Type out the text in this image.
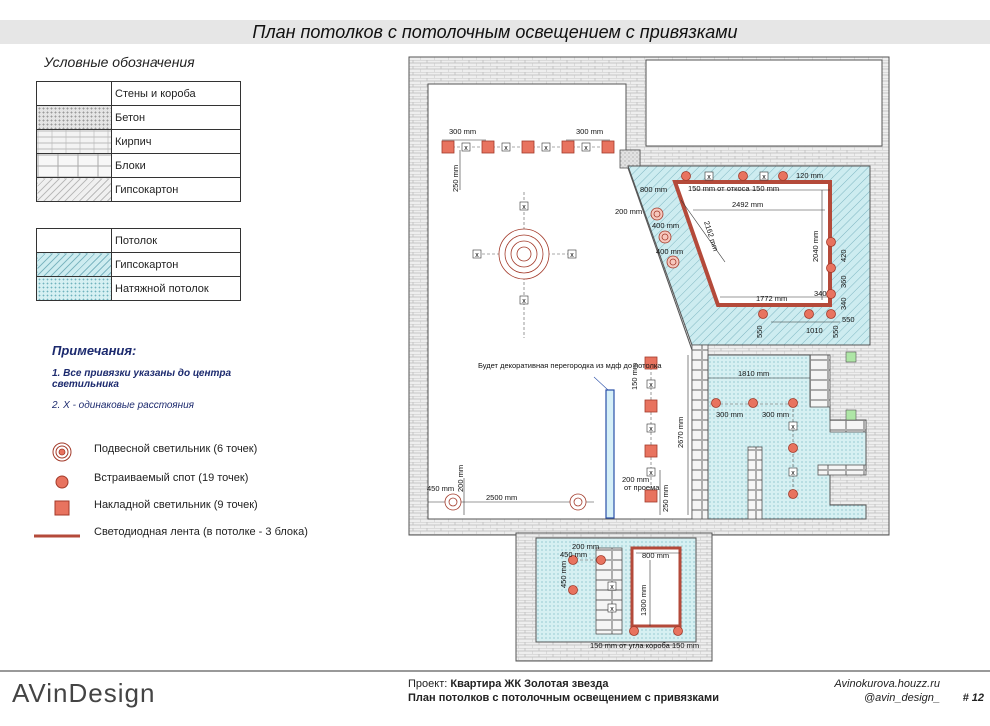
План потолков с потолочным освещением с привязками
Условные обозначения
	Стены и короба
	Бетон
	Кирпич
	Блоки
	Гипсокартон
	Потолок
	Гипсокартон
	Натяжной потолок
Примечания:
1. Все привязки указаны до центра светильника
2. Х - одинаковые расстояния
Подвесной светильник (6 точек)
Встраиваемый спот (19 точек)
Накладной светильник (9 точек)
Светодиодная лента (в потолке - 3 блока)
x	x	x	x
x
x
x	x
x	x
x
x
x
x
x
x
x
300 mm	300 mm
250 mm	800 mm
200 mm
400 mm
400 mm
150 mm от откоса 150 mm
120 mm
2492 mm
2162 mm	2040 mm	420
360
340
340
1772 mm
1010
550
550	550
Будет декоративная перегородка из мдф до потолка
150 mm
2670 mm
1810 mm
300 mm	300 mm
200 mm	200 mm
от проема 250 mm
450 mm
2500 mm
200 mm
450 mm
450 mm
800 mm
1300 mm
150 mm от угла короба 150 mm
AVinDesign	Проект: Квартира ЖК Золотая звезда
План потолков с потолочным освещением с привязками
Avinokurova.houzz.ru
@avin_design_ # 12
